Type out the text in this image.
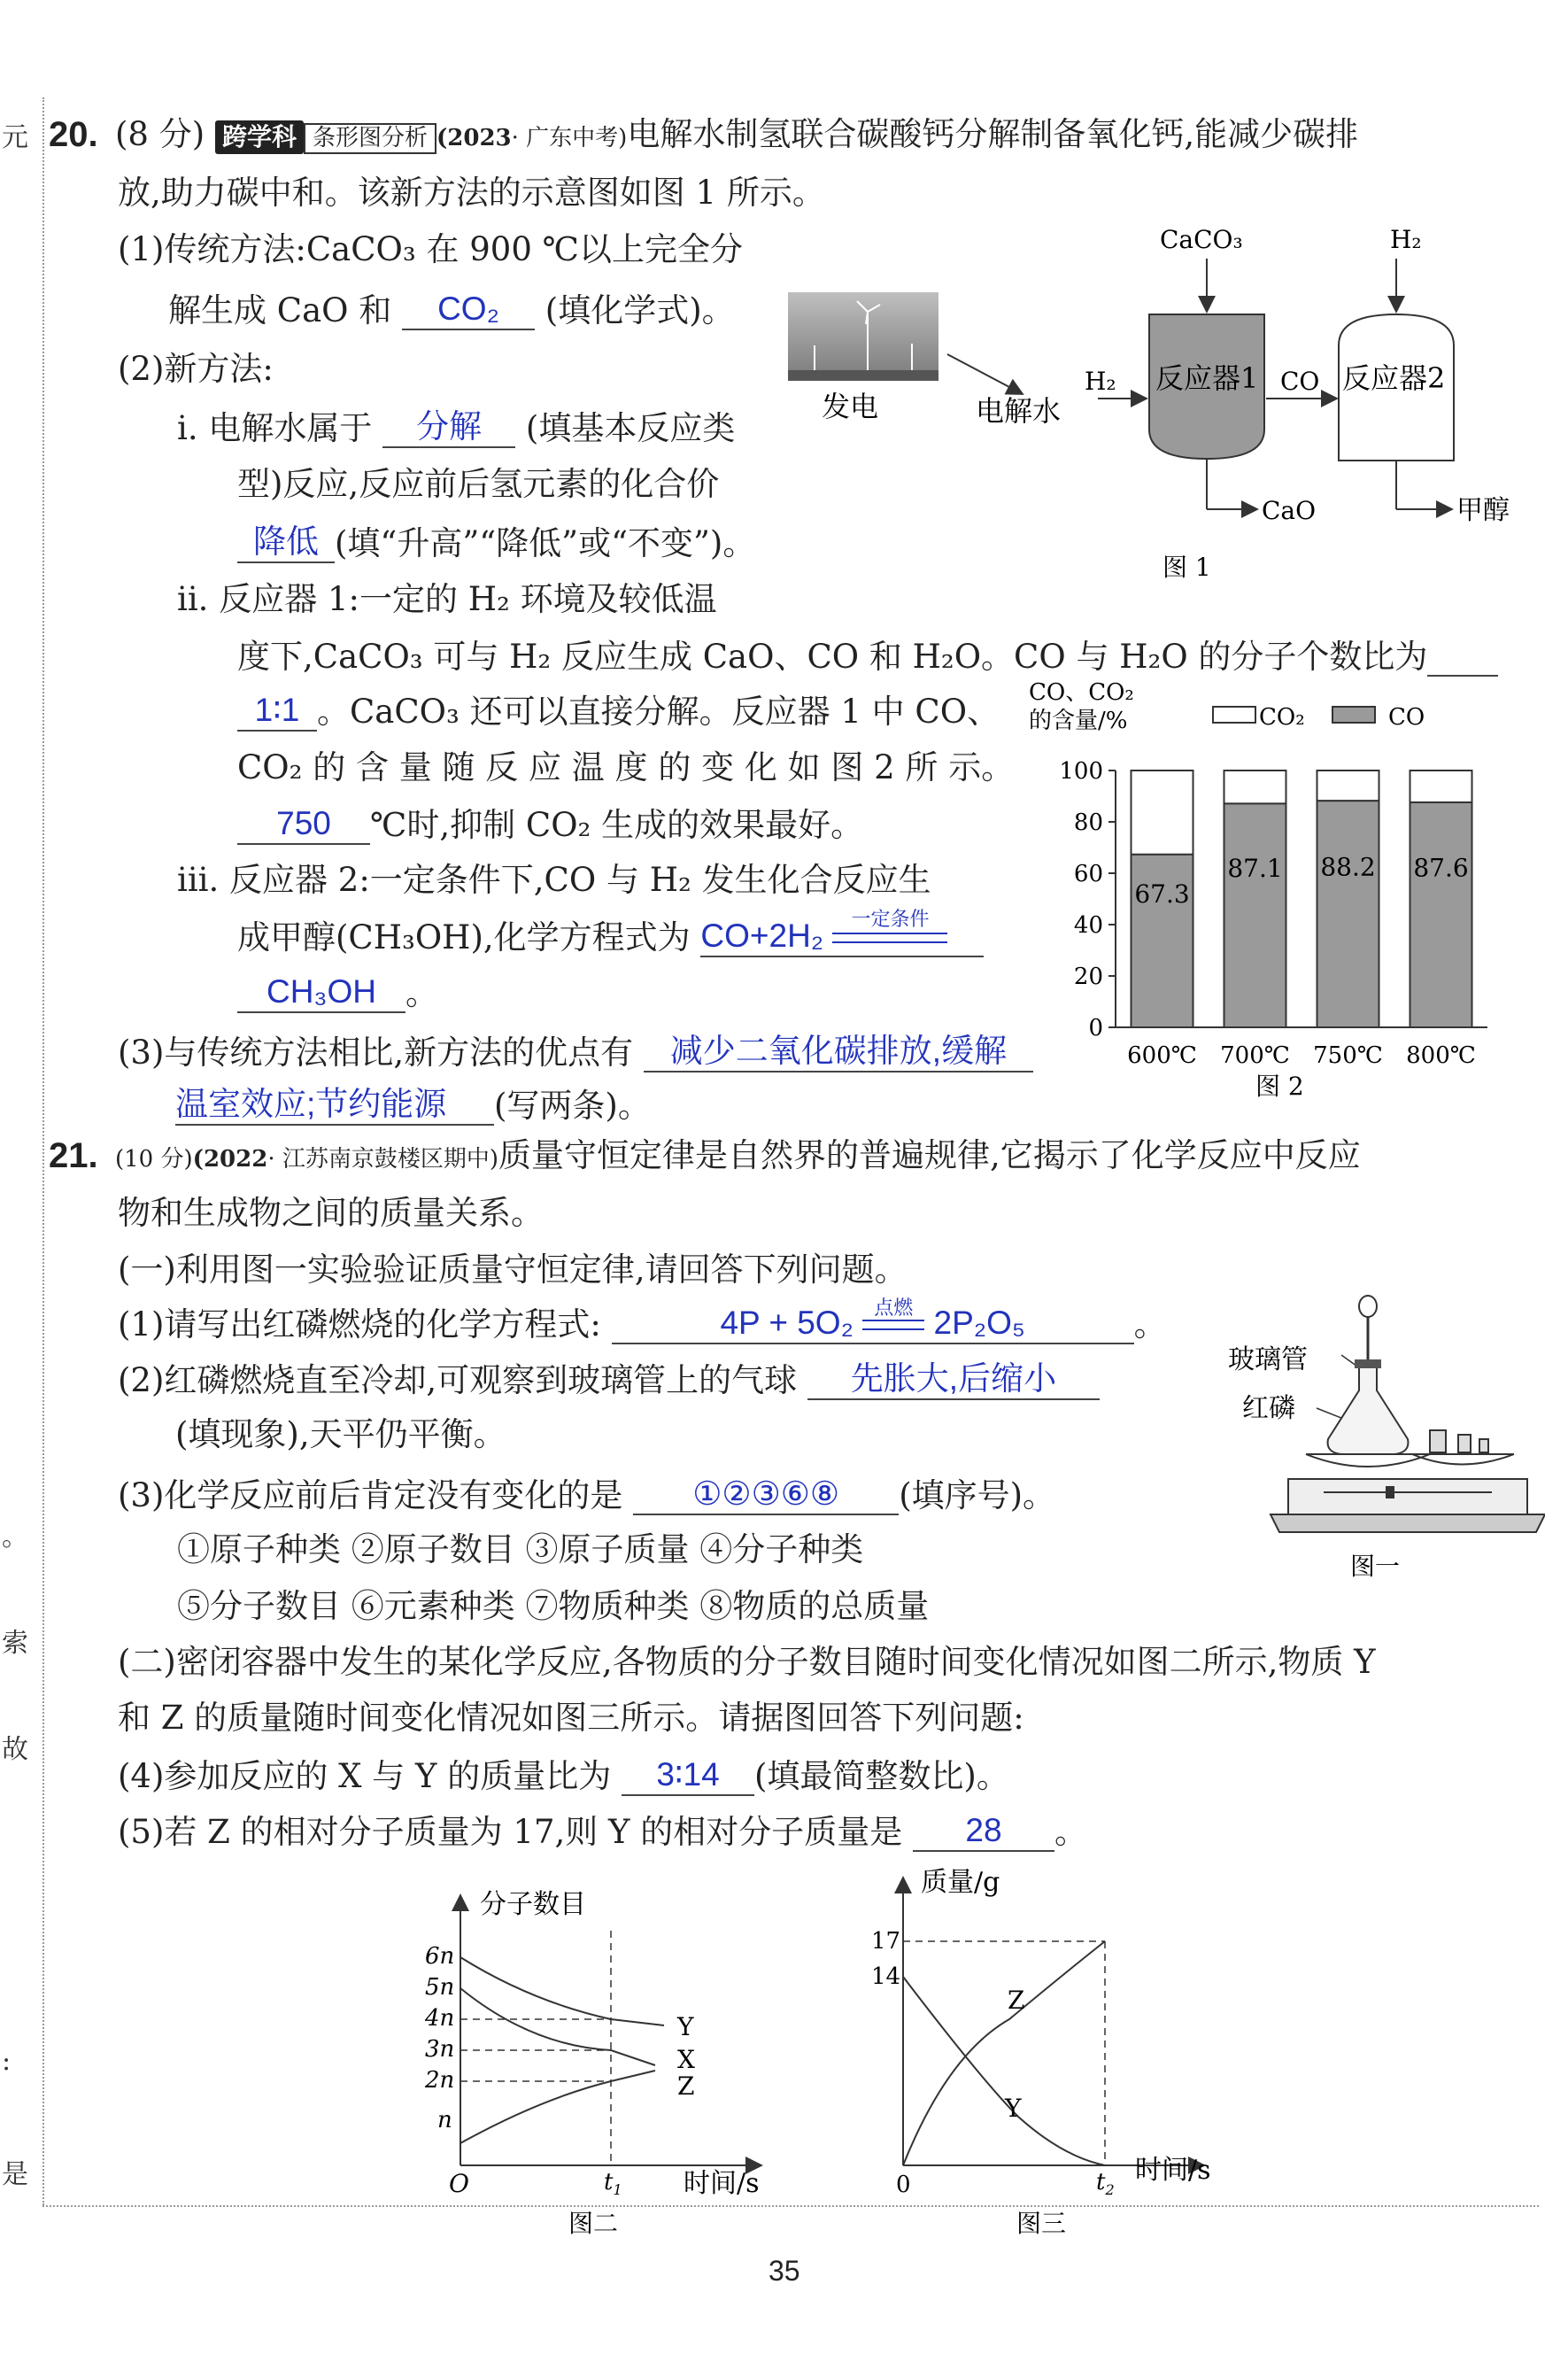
元
。
索
故
:
是
20. (8 分) 跨学科 条形图分析 (2023· 广东中考)电解水制氢联合碳酸钙分解制备氧化钙,能减少碳排
放,助力碳中和。该新方法的示意图如图 1 所示。
(1)传统方法:CaCO₃ 在 900 ℃以上完全分
解生成 CaO 和 CO₂ (填化学式)。
(2)新方法:
ⅰ. 电解水属于 分解 (填基本反应类
型)反应,反应前后氢元素的化合价
降低 (填“升高”“降低”或“不变”)。
ⅱ. 反应器 1:一定的 H₂ 环境及较低温
度下,CaCO₃ 可与 H₂ 反应生成 CaO、CO 和 H₂O。CO 与 H₂O 的分子个数比为
1∶1 。CaCO₃ 还可以直接分解。反应器 1 中 CO、
CO₂ 的 含 量 随 反 应 温 度 的 变 化 如 图 2 所 示。
750 ℃时,抑制 CO₂ 生成的效果最好。
ⅲ. 反应器 2:一定条件下,CO 与 H₂ 发生化合反应生
成甲醇(CH₃OH),化学方程式为 CO+2H₂	一定条件
CH₃OH 。
(3)与传统方法相比,新方法的优点有 减少二氧化碳排放,缓解
温室效应;节约能源 (写两条)。
发电	电解水
H₂ 反应器1
CaCO₃
CaO
CO 反应器2
H₂
甲醇
图 1
CO、CO₂
的含量/%	CO₂	CO
0
20
40
60
80
100
67.3
600℃
87.1
700℃
88.2
750℃
87.6
800℃
图 2
21. (10 分)(2022· 江苏南京鼓楼区期中)质量守恒定律是自然界的普遍规律,它揭示了化学反应中反应
物和生成物之间的质量关系。
(一)利用图一实验验证质量守恒定律,请回答下列问题。
(1)请写出红磷燃烧的化学方程式:	4P + 5O₂	点燃 2P₂O₅	。
(2)红磷燃烧直至冷却,可观察到玻璃管上的气球 先胀大,后缩小
(填现象),天平仍平衡。
(3)化学反应前后肯定没有变化的是 ①②③⑥⑧ (填序号)。
①原子种类 ②原子数目 ③原子质量 ④分子种类
⑤分子数目 ⑥元素种类 ⑦物质种类 ⑧物质的总质量
(二)密闭容器中发生的某化学反应,各物质的分子数目随时间变化情况如图二所示,物质 Y
和 Z 的质量随时间变化情况如图三所示。请据图回答下列问题:
(4)参加反应的 X 与 Y 的质量比为 3∶14 (填最简整数比)。
(5)若 Z 的相对分子质量为 17,则 Y 的相对分子质量是 28 。
玻璃管
红磷
图一
分子数目
时间/s
O	$t_1$
6n
5n
4n
3n
2n
n
Y
X
Z
图二
质量/g
时间/s
0	$t_2$
17
14
Z
Y
图三
35
